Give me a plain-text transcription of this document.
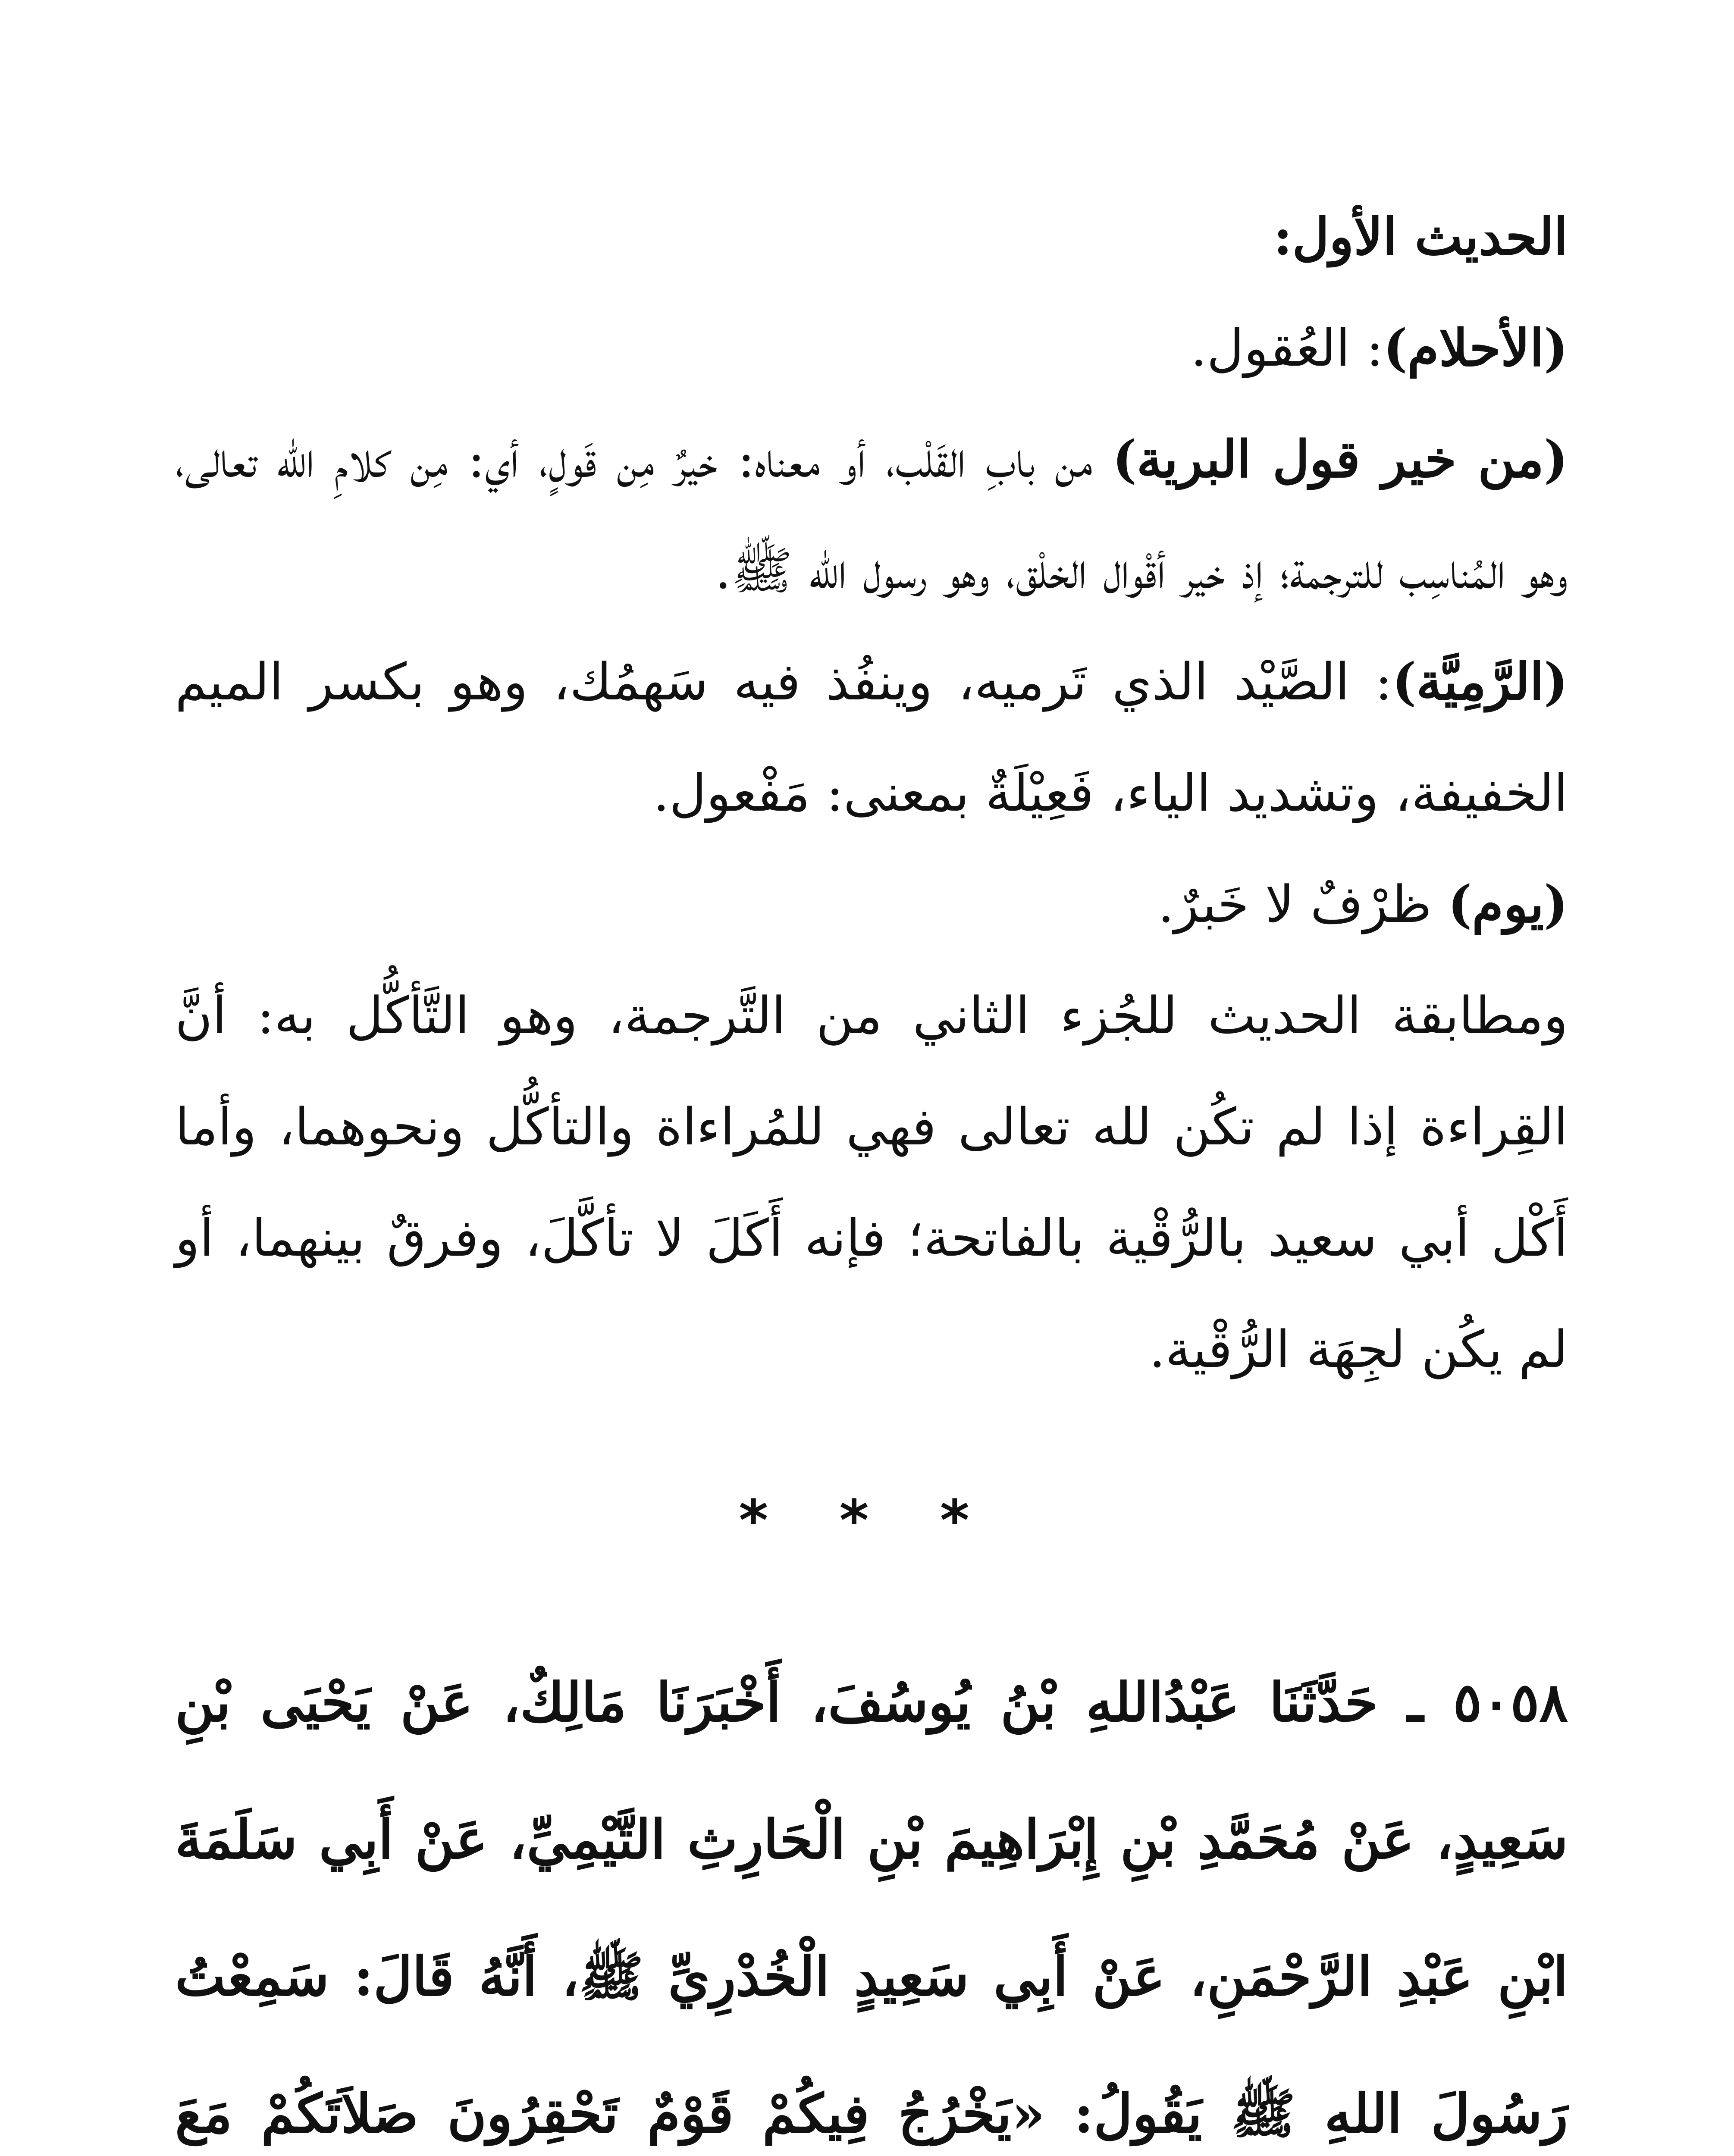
الحديث الأول:

(الأحلام): العُقول.

(من خير قول البرية) من بابِ القَلْب، أو معناه: خيرٌ مِن قَولٍ، أي: مِن كلامِ الله تعالى، وهو المُناسِب للترجمة؛ إذ خير أقْوال الخلْق، وهو رسول الله ﷺ.

(الرَّمِيَّة): الصَّيْد الذي تَرميه، وينفُذ فيه سَهمُك، وهو بكسر الميم الخفيفة، وتشديد الياء، فَعِيْلَةٌ بمعنى: مَفْعول.

(يوم) ظرْفٌ لا خَبرٌ.

ومطابقة الحديث للجُزء الثاني من التَّرجمة، وهو التَّأكُّل به: أنَّ القِراءة إذا لم تكُن لله تعالى فهي للمُراءاة والتأكُّل ونحوهما، وأما أَكْل أبي سعيد بالرُّقْية بالفاتحة؛ فإنه أَكَلَ لا تأكَّلَ، وفرقٌ بينهما، أو لم يكُن لجِهَة الرُّقْية.

* * *

٥٠٥٨ ـ حَدَّثَنَا عَبْدُاللهِ بْنُ يُوسُفَ، أَخْبَرَنَا مَالِكٌ، عَنْ يَحْيَى بْنِ سَعِيدٍ، عَنْ مُحَمَّدِ بْنِ إِبْرَاهِيمَ بْنِ الْحَارِثِ التَّيْمِيِّ، عَنْ أَبِي سَلَمَةَ ابْنِ عَبْدِ الرَّحْمَنِ، عَنْ أَبِي سَعِيدٍ الْخُدْرِيِّ ﷺ، أَنَّهُ قَالَ: سَمِعْتُ رَسُولَ اللهِ ﷺ يَقُولُ: «يَخْرُجُ فِيكُمْ قَوْمٌ تَحْقِرُونَ صَلاَتَكُمْ مَعَ
